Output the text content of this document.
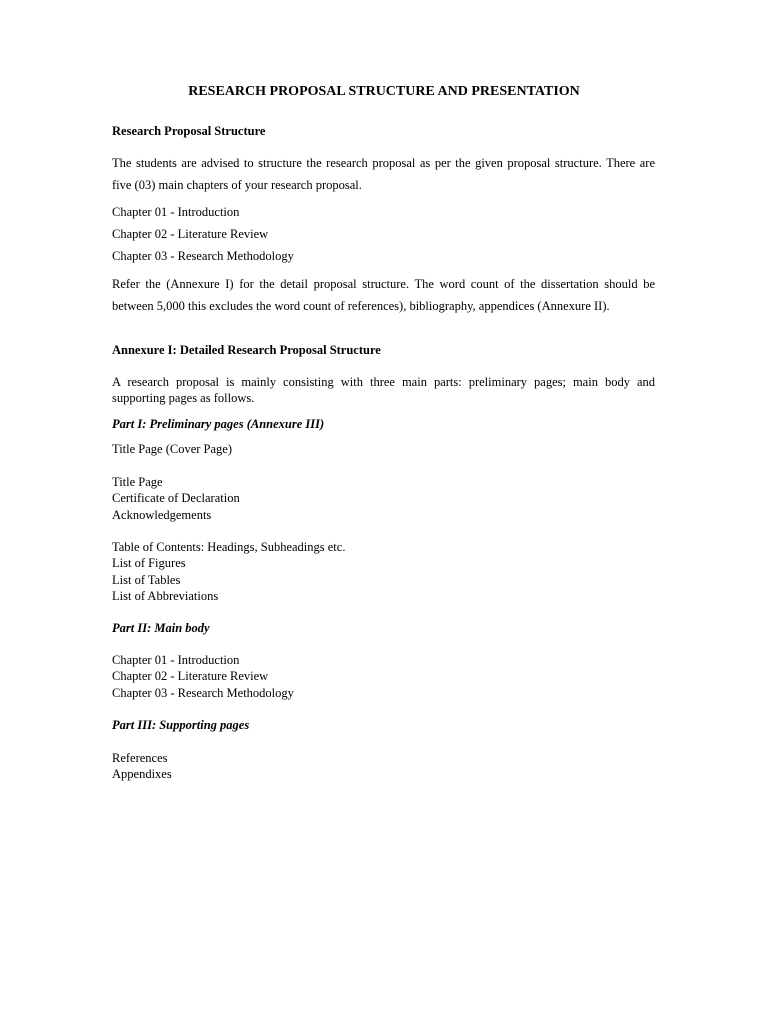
RESEARCH PROPOSAL STRUCTURE AND PRESENTATION
Research Proposal Structure

The students are advised to structure the research proposal as per the given proposal structure. There are five (03) main chapters of your research proposal.

Chapter 01 - Introduction
Chapter 02 - Literature Review
Chapter 03 - Research Methodology

Refer the (Annexure I) for the detail proposal structure. The word count of the dissertation should be between 5,000 this excludes the word count of references), bibliography, appendices (Annexure II).

Annexure I: Detailed Research Proposal Structure

A research proposal is mainly consisting with three main parts: preliminary pages; main body and supporting pages as follows.

Part I: Preliminary pages (Annexure III)
Title Page (Cover Page)
Title Page
Certificate of Declaration
Acknowledgements
Table of Contents: Headings, Subheadings etc.
List of Figures
List of Tables
List of Abbreviations
Part II: Main body
Chapter 01 - Introduction
Chapter 02 - Literature Review
Chapter 03 - Research Methodology
Part III: Supporting pages
References
Appendixes
